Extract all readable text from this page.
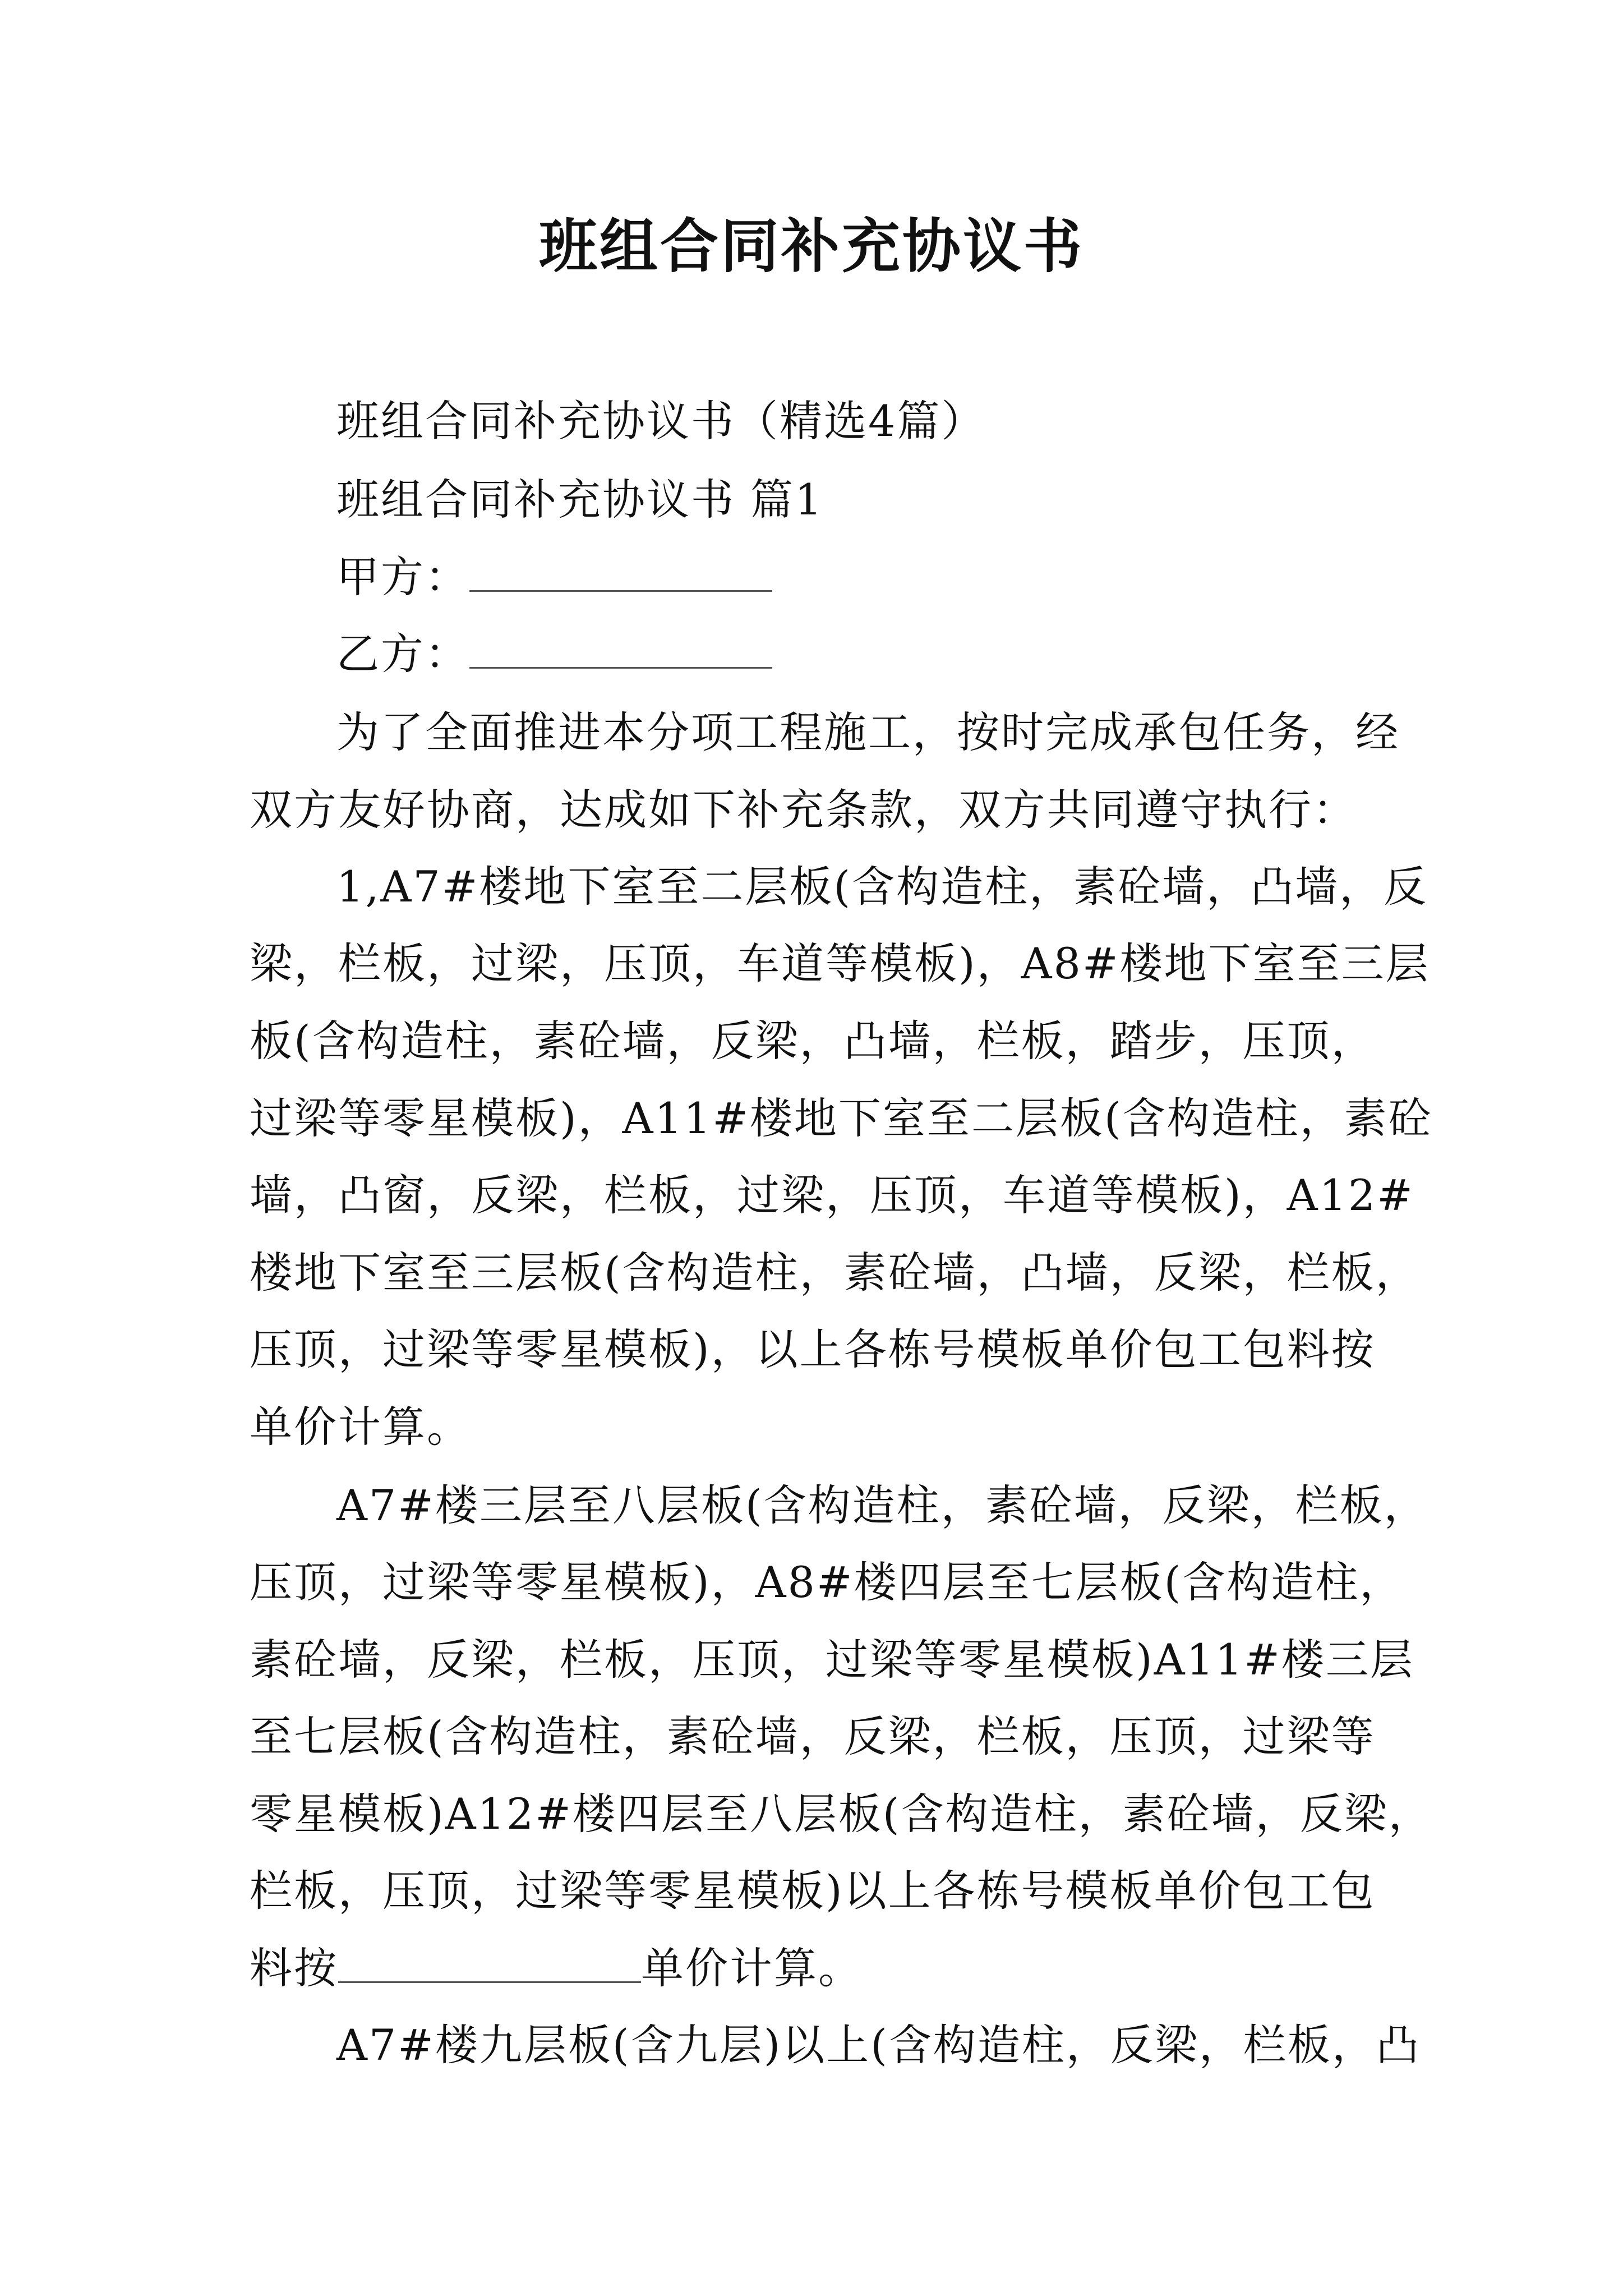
班组合同补充协议书
班组合同补充协议书（精选4篇）
班组合同补充协议书 篇1
甲方：
乙方：
为了全面推进本分项工程施工，按时完成承包任务，经
双方友好协商，达成如下补充条款，双方共同遵守执行：
1,A7#楼地下室至二层板(含构造柱，素砼墙，凸墙，反
梁，栏板，过梁，压顶，车道等模板)，A8#楼地下室至三层
板(含构造柱，素砼墙，反梁，凸墙，栏板，踏步，压顶，
过梁等零星模板)，A11#楼地下室至二层板(含构造柱，素砼
墙，凸窗，反梁，栏板，过梁，压顶，车道等模板)，A12#
楼地下室至三层板(含构造柱，素砼墙，凸墙，反梁，栏板，
压顶，过梁等零星模板)，以上各栋号模板单价包工包料按
单价计算。
A7#楼三层至八层板(含构造柱，素砼墙，反梁，栏板，
压顶，过梁等零星模板)，A8#楼四层至七层板(含构造柱，
素砼墙，反梁，栏板，压顶，过梁等零星模板)A11#楼三层
至七层板(含构造柱，素砼墙，反梁，栏板，压顶，过梁等
零星模板)A12#楼四层至八层板(含构造柱，素砼墙，反梁，
栏板，压顶，过梁等零星模板)以上各栋号模板单价包工包
料按	单价计算。
A7#楼九层板(含九层)以上(含构造柱，反梁，栏板，凸
